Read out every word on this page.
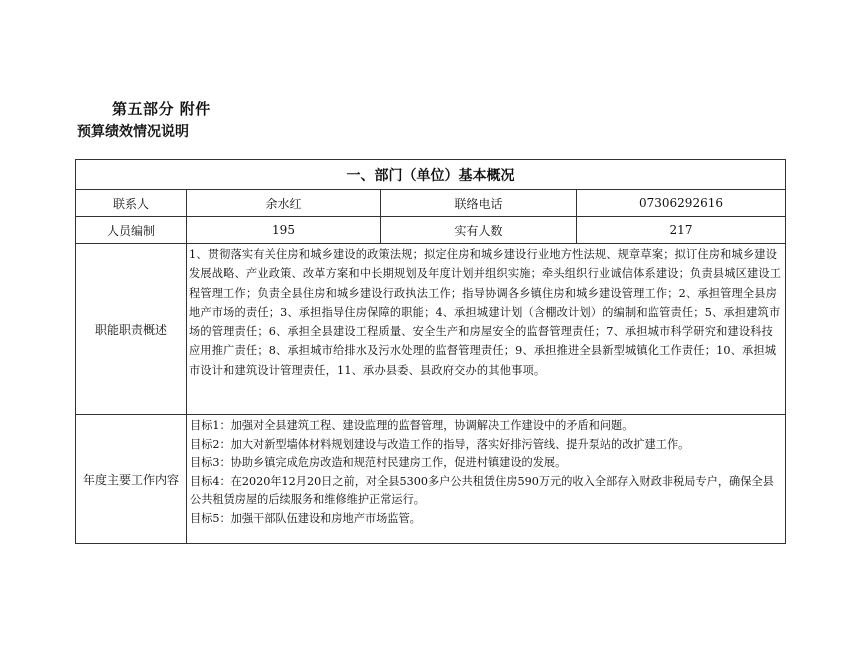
第五部分 附件
预算绩效情况说明
一、部门（单位）基本概况			
联系人	余水红	联络电话	07306292616
人员编制	195	实有人数	217
职能职责概述	1、贯彻落实有关住房和城乡建设的政策法规；拟定住房和城乡建设行业地方性法规、规章草案；拟订住房和城乡建设发展战略、产业政策、改革方案和中长期规划及年度计划并组织实施；牵头组织行业诚信体系建设；负责县城区建设工程管理工作；负责全县住房和城乡建设行政执法工作；指导协调各乡镇住房和城乡建设管理工作；2、承担管理全县房地产市场的责任；3、承担指导住房保障的职能；4、承担城建计划（含棚改计划）的编制和监管责任；5、承担建筑市场的管理责任；6、承担全县建设工程质量、安全生产和房屋安全的监督管理责任；7、承担城市科学研究和建设科技应用推广责任；8、承担城市给排水及污水处理的监督管理责任；9、承担推进全县新型城镇化工作责任；10、承担城市设计和建筑设计管理责任，11、承办县委、县政府交办的其他事项。		
年度主要工作内容	目标1：加强对全县建筑工程、建设监理的监督管理，协调解决工作建设中的矛盾和问题。
目标2：加大对新型墙体材料规划建设与改造工作的指导，落实好排污管线、提升泵站的改扩建工作。
目标3：协助乡镇完成危房改造和规范村民建房工作，促进村镇建设的发展。
目标4：在2020年12月20日之前，对全县5300多户公共租赁住房590万元的收入全部存入财政非税局专户，确保全县公共租赁房屋的后续服务和维修维护正常运行。
目标5：加强干部队伍建设和房地产市场监管。		
